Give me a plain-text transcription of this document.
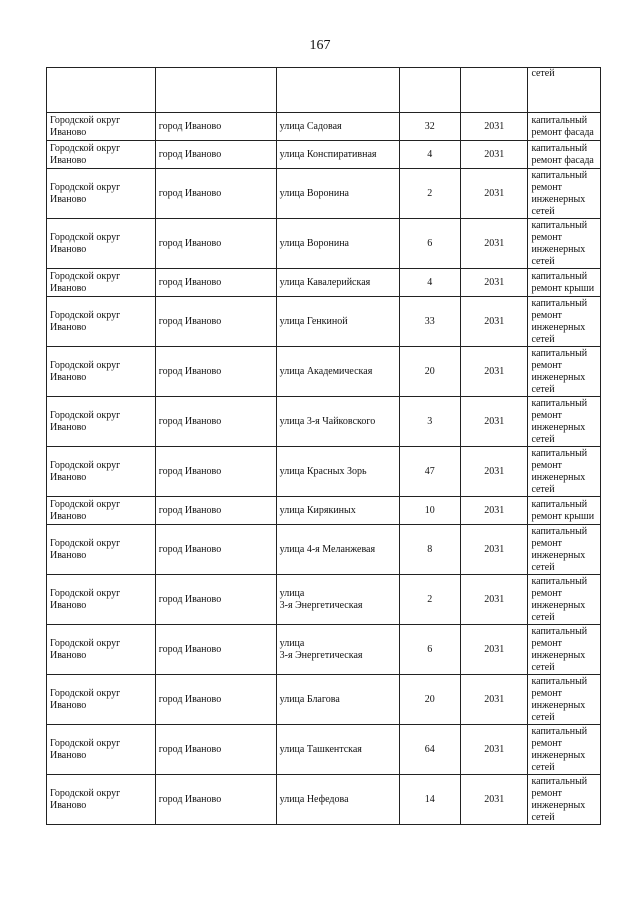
167
					сетей
Городской округ Иваново	город Иваново	улица Садовая	32	2031	капитальный ремонт фасада
Городской округ Иваново	город Иваново	улица Конспиративная	4	2031	капитальный ремонт фасада
Городской округ Иваново	город Иваново	улица Воронина	2	2031	капитальный ремонт инженерных сетей
Городской округ Иваново	город Иваново	улица Воронина	6	2031	капитальный ремонт инженерных сетей
Городской округ Иваново	город Иваново	улица Кавалерийская	4	2031	капитальный ремонт крыши
Городской округ Иваново	город Иваново	улица Генкиной	33	2031	капитальный ремонт инженерных сетей
Городской округ Иваново	город Иваново	улица Академическая	20	2031	капитальный ремонт инженерных сетей
Городской округ Иваново	город Иваново	улица 3-я Чайковского	3	2031	капитальный ремонт инженерных сетей
Городской округ Иваново	город Иваново	улица Красных Зорь	47	2031	капитальный ремонт инженерных сетей
Городской округ Иваново	город Иваново	улица Кирякиных	10	2031	капитальный ремонт крыши
Городской округ Иваново	город Иваново	улица 4-я Меланжевая	8	2031	капитальный ремонт инженерных сетей
Городской округ Иваново	город Иваново	улица
3-я Энергетическая	2	2031	капитальный ремонт инженерных сетей
Городской округ Иваново	город Иваново	улица
3-я Энергетическая	6	2031	капитальный ремонт инженерных сетей
Городской округ Иваново	город Иваново	улица Благова	20	2031	капитальный ремонт инженерных сетей
Городской округ Иваново	город Иваново	улица Ташкентская	64	2031	капитальный ремонт инженерных сетей
Городской округ Иваново	город Иваново	улица Нефедова	14	2031	капитальный ремонт инженерных сетей
